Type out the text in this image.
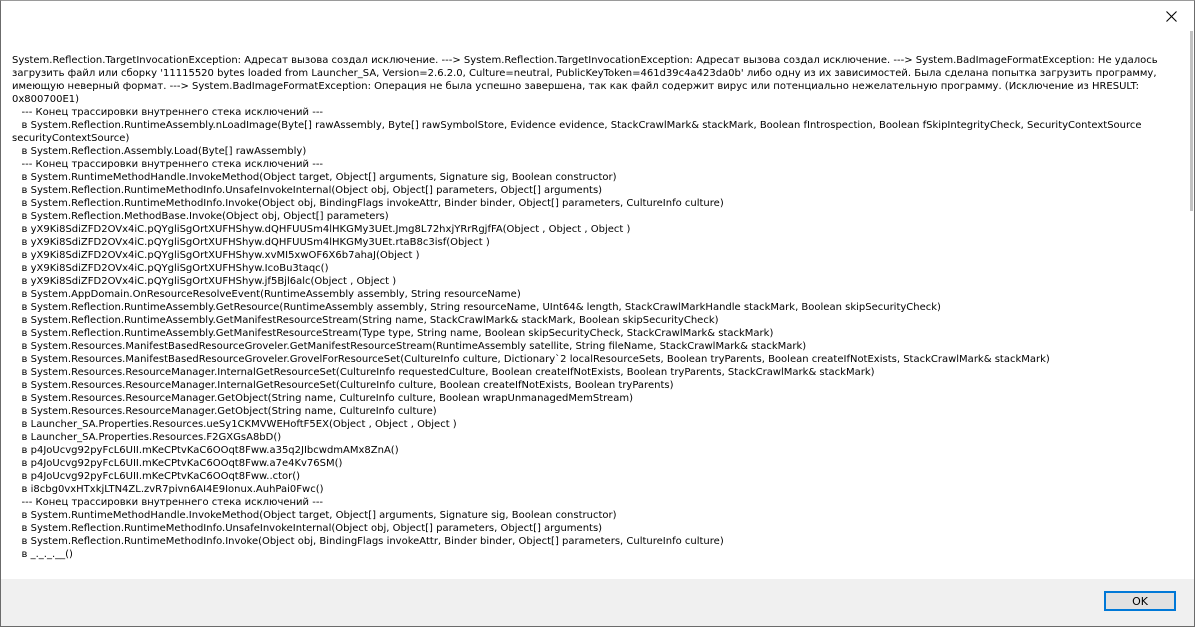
System.Reflection.TargetInvocationException: Адресат вызова создал исключение. ---> System.Reflection.TargetInvocationException: Адресат вызова создал исключение. ---> System.BadImageFormatException: Не удалось загрузить файл или сборку '11115520 bytes loaded from Launcher_SA, Version=2.6.2.0, Culture=neutral, PublicKeyToken=461d39c4a423da0b' либо одну из их зависимостей. Была сделана попытка загрузить программу, имеющую неверный формат. ---> System.BadImageFormatException: Операция не была успешно завершена, так как файл содержит вирус или потенциально нежелательную программу. (Исключение из HRESULT: 0x800700E1)
--- Конец трассировки внутреннего стека исключений ---
в System.Reflection.RuntimeAssembly.nLoadImage(Byte[] rawAssembly, Byte[] rawSymbolStore, Evidence evidence, StackCrawlMark& stackMark, Boolean fIntrospection, Boolean fSkipIntegrityCheck, SecurityContextSource securityContextSource)
в System.Reflection.Assembly.Load(Byte[] rawAssembly)
--- Конец трассировки внутреннего стека исключений ---
в System.RuntimeMethodHandle.InvokeMethod(Object target, Object[] arguments, Signature sig, Boolean constructor)
в System.Reflection.RuntimeMethodInfo.UnsafeInvokeInternal(Object obj, Object[] parameters, Object[] arguments)
в System.Reflection.RuntimeMethodInfo.Invoke(Object obj, BindingFlags invokeAttr, Binder binder, Object[] parameters, CultureInfo culture)
в System.Reflection.MethodBase.Invoke(Object obj, Object[] parameters)
в yX9Ki8SdiZFD2OVx4iC.pQYgliSgOrtXUFHShyw.dQHFUUSm4lHKGMy3UEt.Jmg8L72hxjYRrRgjfFA(Object , Object , Object )
в yX9Ki8SdiZFD2OVx4iC.pQYgliSgOrtXUFHShyw.dQHFUUSm4lHKGMy3UEt.rtaB8c3isf(Object )
в yX9Ki8SdiZFD2OVx4iC.pQYgliSgOrtXUFHShyw.xvMI5xwOF6X6b7ahaJ(Object )
в yX9Ki8SdiZFD2OVx4iC.pQYgliSgOrtXUFHShyw.IcoBu3taqc()
в yX9Ki8SdiZFD2OVx4iC.pQYgliSgOrtXUFHShyw.jf5Bjl6alc(Object , Object )
в System.AppDomain.OnResourceResolveEvent(RuntimeAssembly assembly, String resourceName)
в System.Reflection.RuntimeAssembly.GetResource(RuntimeAssembly assembly, String resourceName, UInt64& length, StackCrawlMarkHandle stackMark, Boolean skipSecurityCheck)
в System.Reflection.RuntimeAssembly.GetManifestResourceStream(String name, StackCrawlMark& stackMark, Boolean skipSecurityCheck)
в System.Reflection.RuntimeAssembly.GetManifestResourceStream(Type type, String name, Boolean skipSecurityCheck, StackCrawlMark& stackMark)
в System.Resources.ManifestBasedResourceGroveler.GetManifestResourceStream(RuntimeAssembly satellite, String fileName, StackCrawlMark& stackMark)
в System.Resources.ManifestBasedResourceGroveler.GrovelForResourceSet(CultureInfo culture, Dictionary`2 localResourceSets, Boolean tryParents, Boolean createIfNotExists, StackCrawlMark& stackMark)
в System.Resources.ResourceManager.InternalGetResourceSet(CultureInfo requestedCulture, Boolean createIfNotExists, Boolean tryParents, StackCrawlMark& stackMark)
в System.Resources.ResourceManager.InternalGetResourceSet(CultureInfo culture, Boolean createIfNotExists, Boolean tryParents)
в System.Resources.ResourceManager.GetObject(String name, CultureInfo culture, Boolean wrapUnmanagedMemStream)
в System.Resources.ResourceManager.GetObject(String name, CultureInfo culture)
в Launcher_SA.Properties.Resources.ueSy1CKMVWEHoftF5EX(Object , Object , Object )
в Launcher_SA.Properties.Resources.F2GXGsA8bD()
в p4JoUcvg92pyFcL6UII.mKeCPtvKaC6OOqt8Fww.a35q2JIbcwdmAMx8ZnA()
в p4JoUcvg92pyFcL6UII.mKeCPtvKaC6OOqt8Fww.a7e4Kv76SM()
в p4JoUcvg92pyFcL6UII.mKeCPtvKaC6OOqt8Fww..ctor()
в i8cbg0vxHTxkjLTN4ZL.zvR7pivn6AI4E9Ionux.AuhPai0Fwc()
--- Конец трассировки внутреннего стека исключений ---
в System.RuntimeMethodHandle.InvokeMethod(Object target, Object[] arguments, Signature sig, Boolean constructor)
в System.Reflection.RuntimeMethodInfo.UnsafeInvokeInternal(Object obj, Object[] parameters, Object[] arguments)
в System.Reflection.RuntimeMethodInfo.Invoke(Object obj, BindingFlags invokeAttr, Binder binder, Object[] parameters, CultureInfo culture)
в _._._.__()
OK
